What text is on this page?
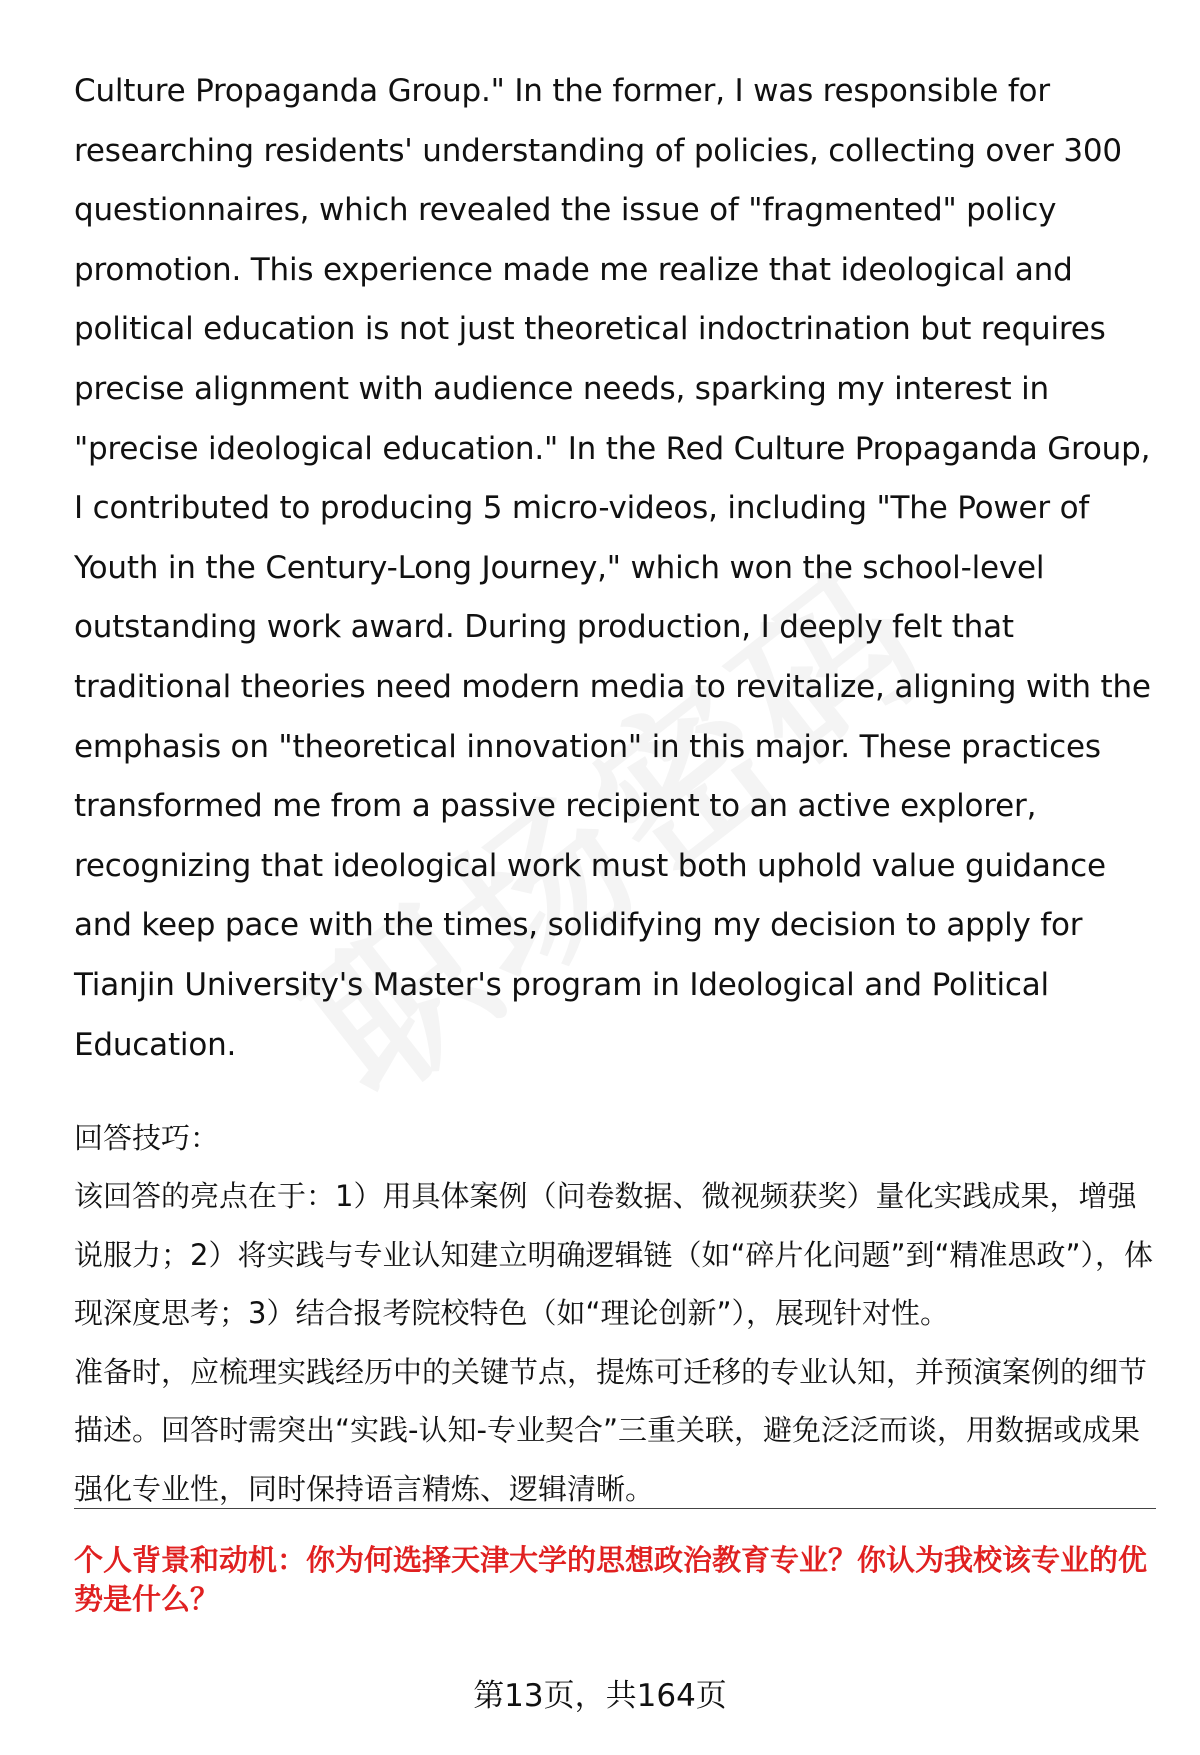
Culture Propaganda Group." In the former, I was responsible for researching residents' understanding of policies, collecting over 300 questionnaires, which revealed the issue of "fragmented" policy promotion. This experience made me realize that ideological and political education is not just theoretical indoctrination but requires precise alignment with audience needs, sparking my interest in "precise ideological education." In the Red Culture Propaganda Group, I contributed to producing 5 micro-videos, including "The Power of Youth in the Century-Long Journey," which won the school-level outstanding work award. During production, I deeply felt that traditional theories need modern media to revitalize, aligning with the emphasis on "theoretical innovation" in this major. These practices transformed me from a passive recipient to an active explorer, recognizing that ideological work must both uphold value guidance and keep pace with the times, solidifying my decision to apply for Tianjin University's Master's program in Ideological and Political Education.

回答技巧：

该回答的亮点在于：1）用具体案例（问卷数据、微视频获奖）量化实践成果，增强说服力；2）将实践与专业认知建立明确逻辑链（如“碎片化问题”到“精准思政”），体现深度思考；3）结合报考院校特色（如“理论创新”），展现针对性。

准备时，应梳理实践经历中的关键节点，提炼可迁移的专业认知，并预演案例的细节描述。回答时需突出“实践-认知-专业契合”三重关联，避免泛泛而谈，用数据或成果强化专业性，同时保持语言精炼、逻辑清晰。

个人背景和动机：你为何选择天津大学的思想政治教育专业？你认为我校该专业的优势是什么？

第13页，共164页
